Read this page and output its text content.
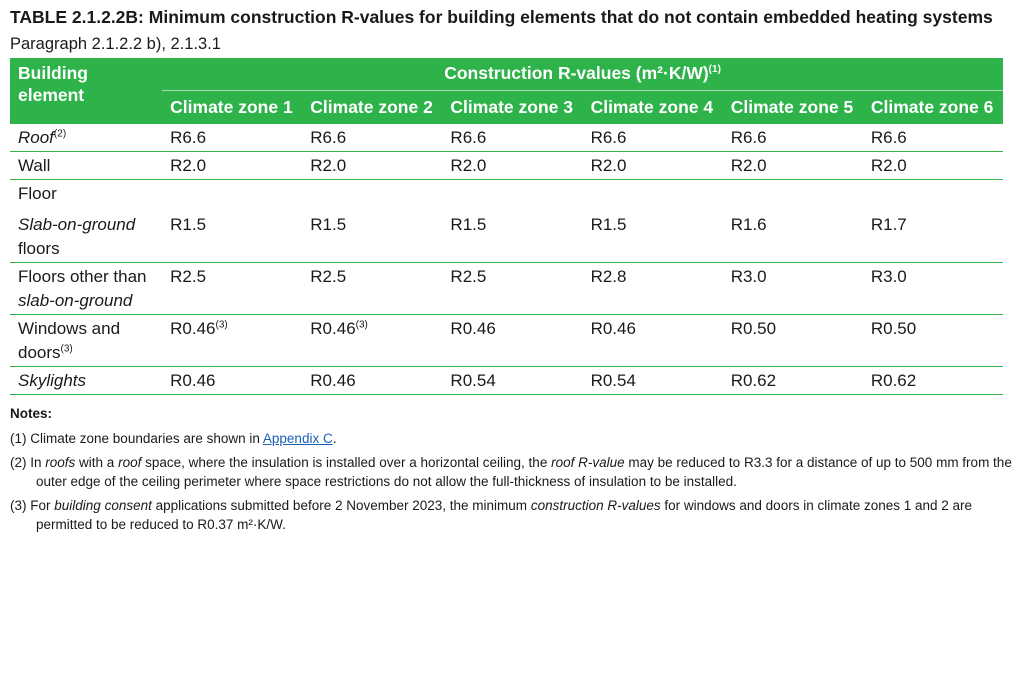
TABLE 2.1.2.2B: Minimum construction R-values for building elements that do not contain embedded heating systems

Paragraph 2.1.2.2 b), 2.1.3.1

Building element	Construction R-values $(m^2\cdot K/W)^{(1)}$
	Climate zone 1	Climate zone 2	Climate zone 3	Climate zone 4	Climate zone 5	Climate zone 6
Roof$^{(2)}$	R6.6	R6.6	R6.6	R6.6	R6.6	R6.6
Wall	R2.0	R2.0	R2.0	R2.0	R2.0	R2.0
Floor						
Slab-on-ground floors	R1.5	R1.5	R1.5	R1.5	R1.6	R1.7
Floors other than slab-on-ground	R2.5	R2.5	R2.5	R2.8	R3.0	R3.0
Windows and doors$^{(3)}$	R0.46$^{(3)}$	R0.46$^{(3)}$	R0.46	R0.46	R0.50	R0.50
Skylights	R0.46	R0.46	R0.54	R0.54	R0.62	R0.62
Notes:
(1) Climate zone boundaries are shown in Appendix C.
(2) In roofs with a roof space, where the insulation is installed over a horizontal ceiling, the roof R-value may be reduced to R3.3 for a distance of up to 500 mm from the outer edge of the ceiling perimeter where space restrictions do not allow the full-thickness of insulation to be installed.
(3) For building consent applications submitted before 2 November 2023, the minimum construction R-values for windows and doors in climate zones 1 and 2 are permitted to be reduced to R0.37 m²·K/W.
